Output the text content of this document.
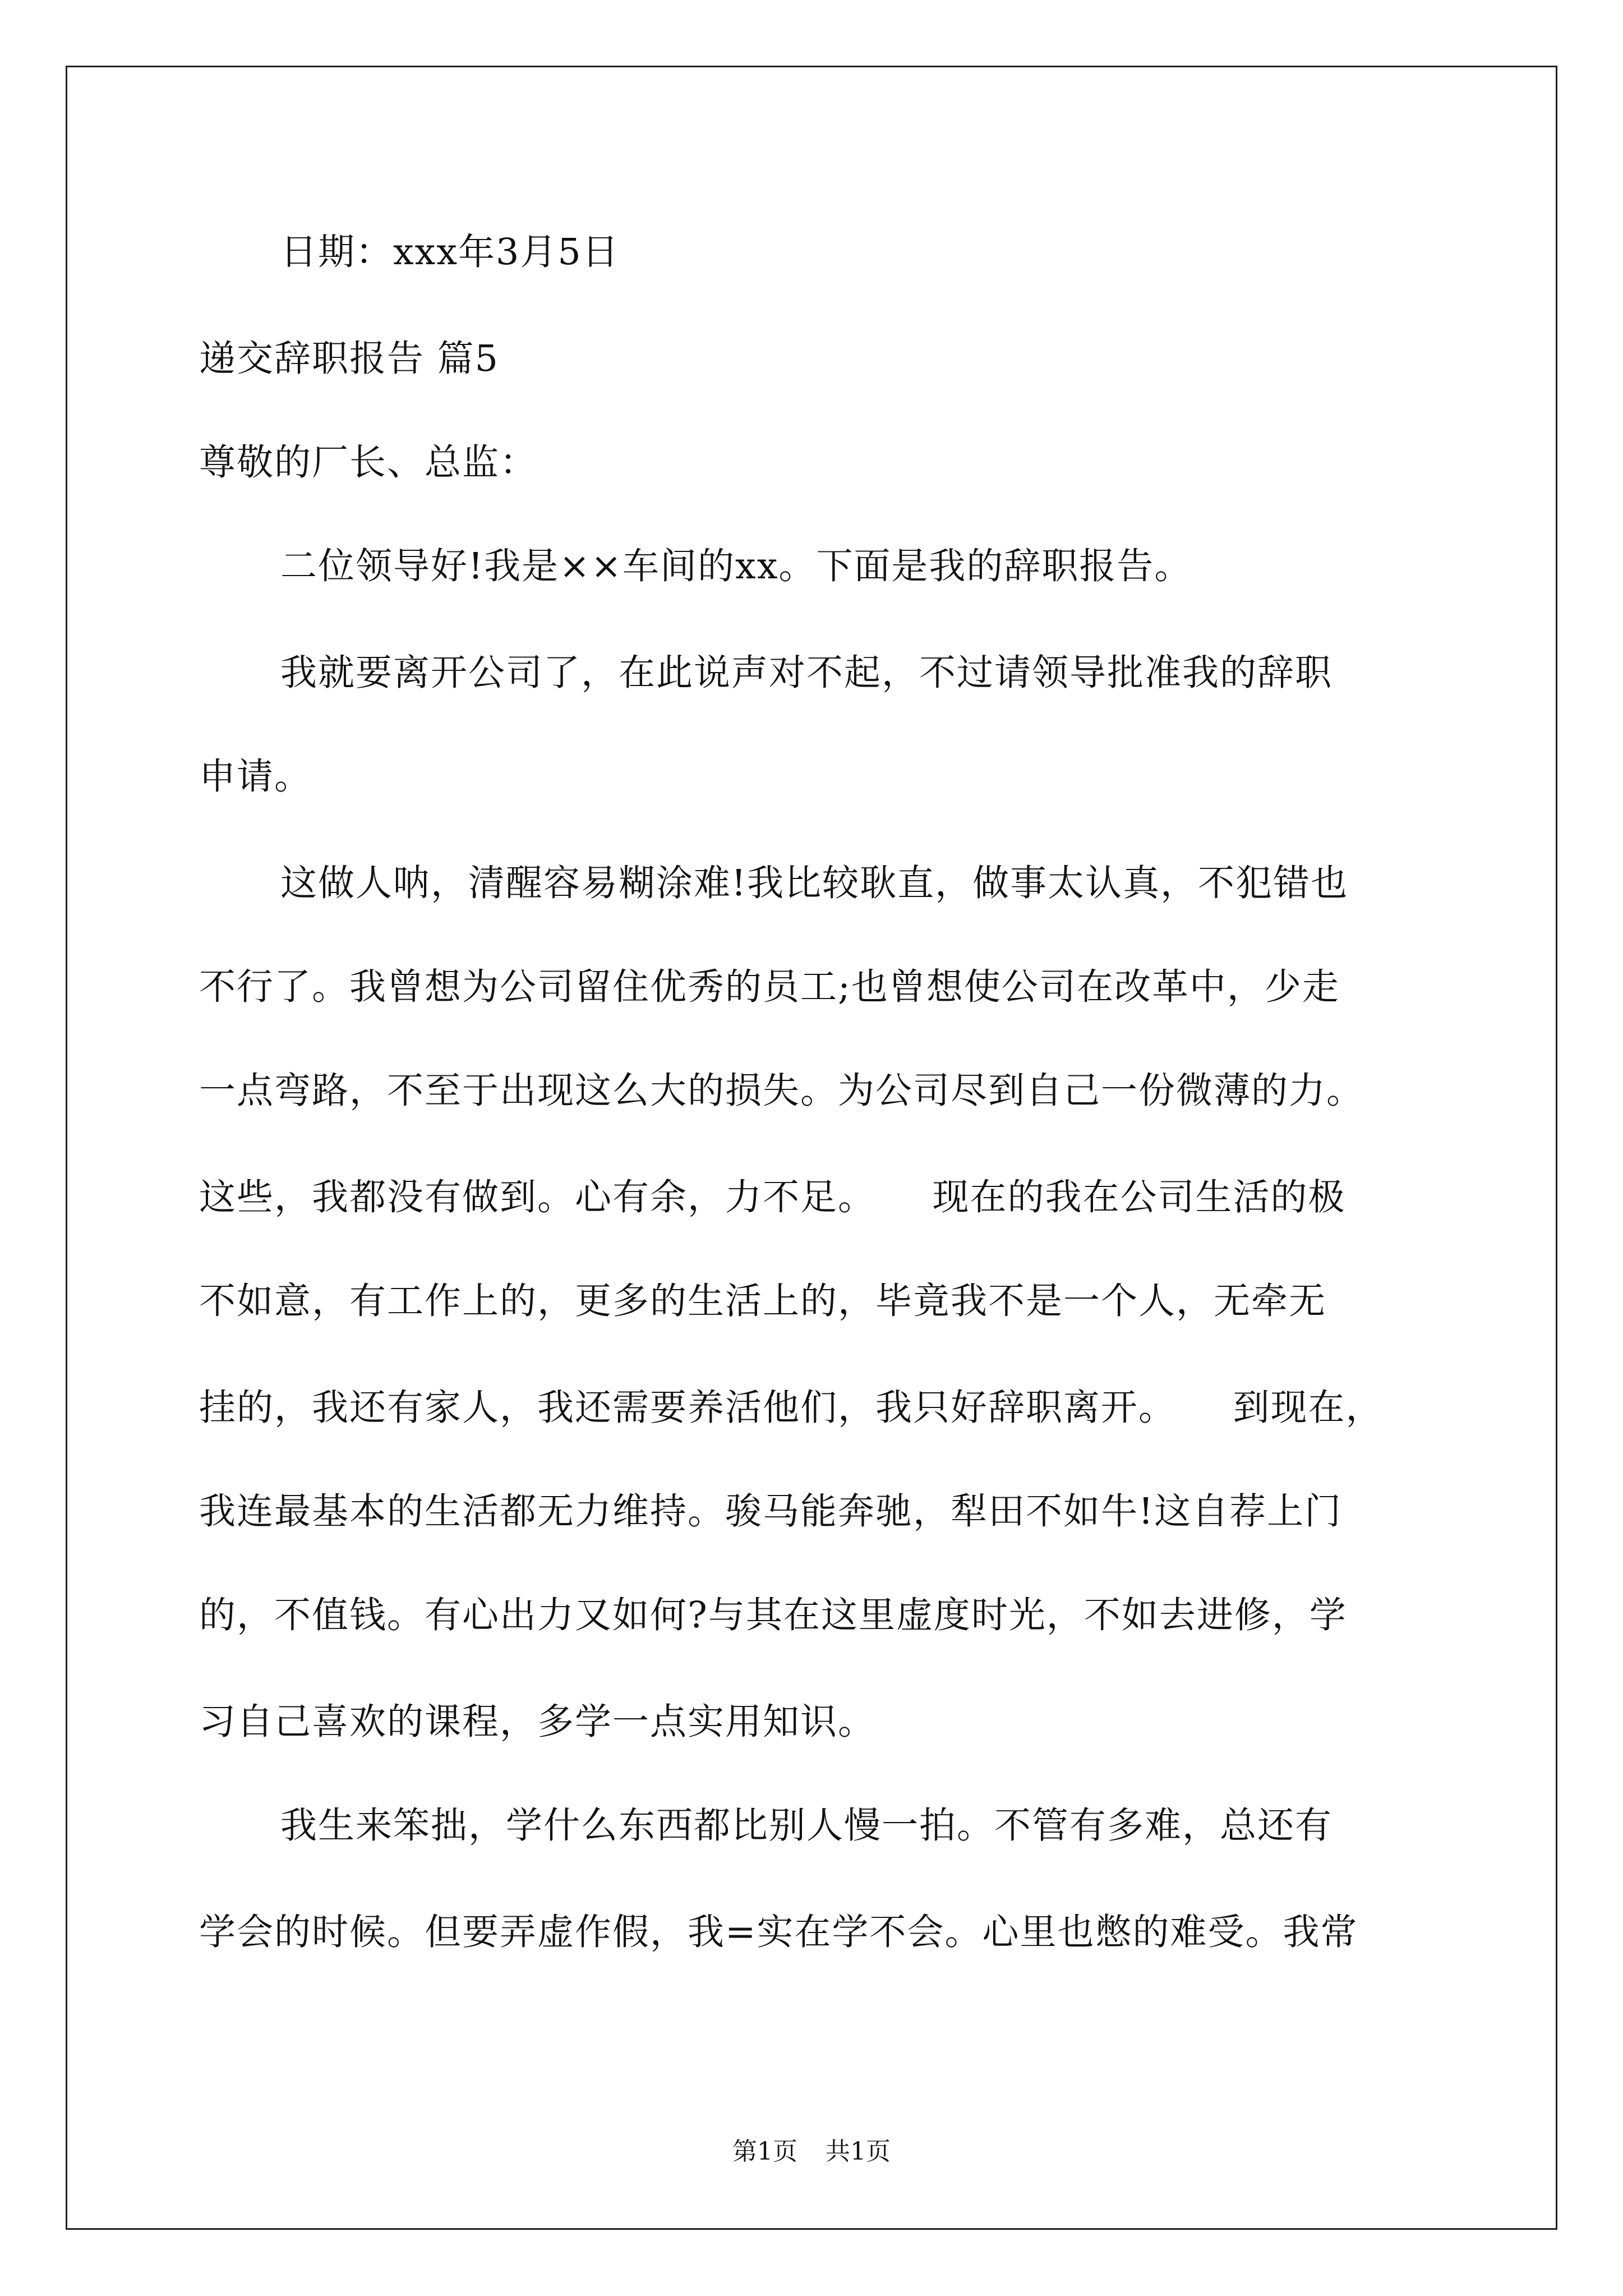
日期：xxx年3月5日
递交辞职报告 篇5
尊敬的厂长、总监：
二位领导好!我是××车间的xx。下面是我的辞职报告。
我就要离开公司了，在此说声对不起，不过请领导批准我的辞职
申请。
这做人呐，清醒容易糊涂难!我比较耿直，做事太认真，不犯错也
不行了。我曾想为公司留住优秀的员工;也曾想使公司在改革中，少走
一点弯路，不至于出现这么大的损失。为公司尽到自己一份微薄的力。
这些，我都没有做到。心有余，力不足。　　现在的我在公司生活的极
不如意，有工作上的，更多的生活上的，毕竟我不是一个人，无牵无
挂的，我还有家人，我还需要养活他们，我只好辞职离开。　　到现在，
我连最基本的生活都无力维持。骏马能奔驰，犁田不如牛!这自荐上门
的，不值钱。有心出力又如何?与其在这里虚度时光，不如去进修，学
习自己喜欢的课程，多学一点实用知识。
我生来笨拙，学什么东西都比别人慢一拍。不管有多难，总还有
学会的时候。但要弄虚作假，我=实在学不会。心里也憋的难受。我常
第1页 共1页
